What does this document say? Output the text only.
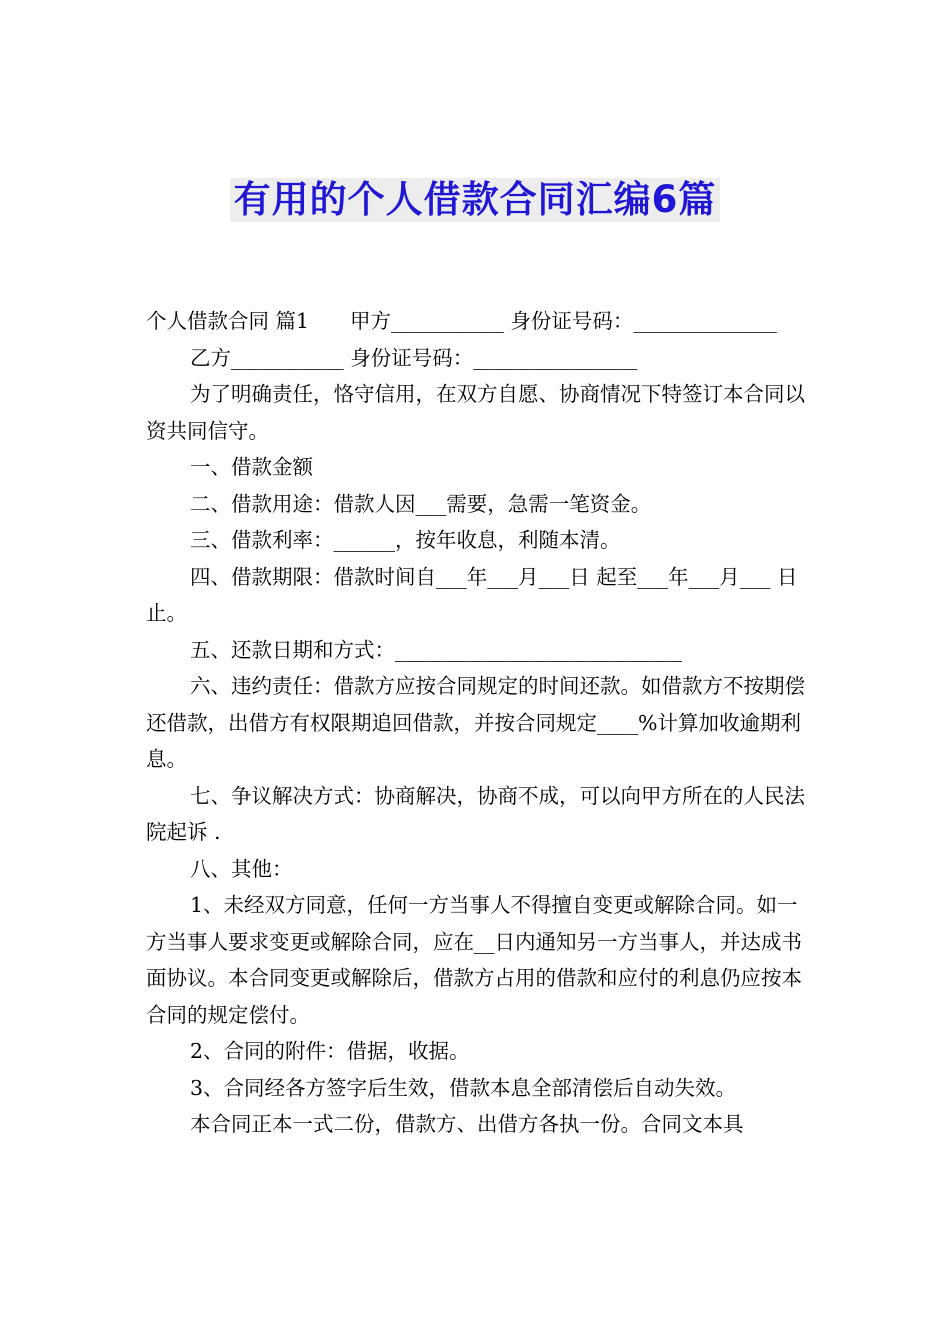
有用的个人借款合同汇编6篇

个人借款合同 篇1　　甲方___________ 身份证号码：______________

乙方___________ 身份证号码：________________

为了明确责任，恪守信用，在双方自愿、协商情况下特签订本合同以资共同信守。

一、借款金额

二、借款用途：借款人因___需要，急需一笔资金。

三、借款利率：______，按年收息，利随本清。

四、借款期限：借款时间自___年___月___日 起至___年___月___ 日止。

五、还款日期和方式：____________________________

六、违约责任：借款方应按合同规定的时间还款。如借款方不按期偿还借款，出借方有权限期追回借款，并按合同规定____%计算加收逾期利息。

七、争议解决方式：协商解决，协商不成，可以向甲方所在的人民法院起诉 .

八、其他：

1、未经双方同意，任何一方当事人不得擅自变更或解除合同。如一方当事人要求变更或解除合同，应在__日内通知另一方当事人，并达成书面协议。本合同变更或解除后，借款方占用的借款和应付的利息仍应按本合同的规定偿付。

2、合同的附件：借据，收据。

3、合同经各方签字后生效，借款本息全部清偿后自动失效。

本合同正本一式二份，借款方、出借方各执一份。合同文本具
